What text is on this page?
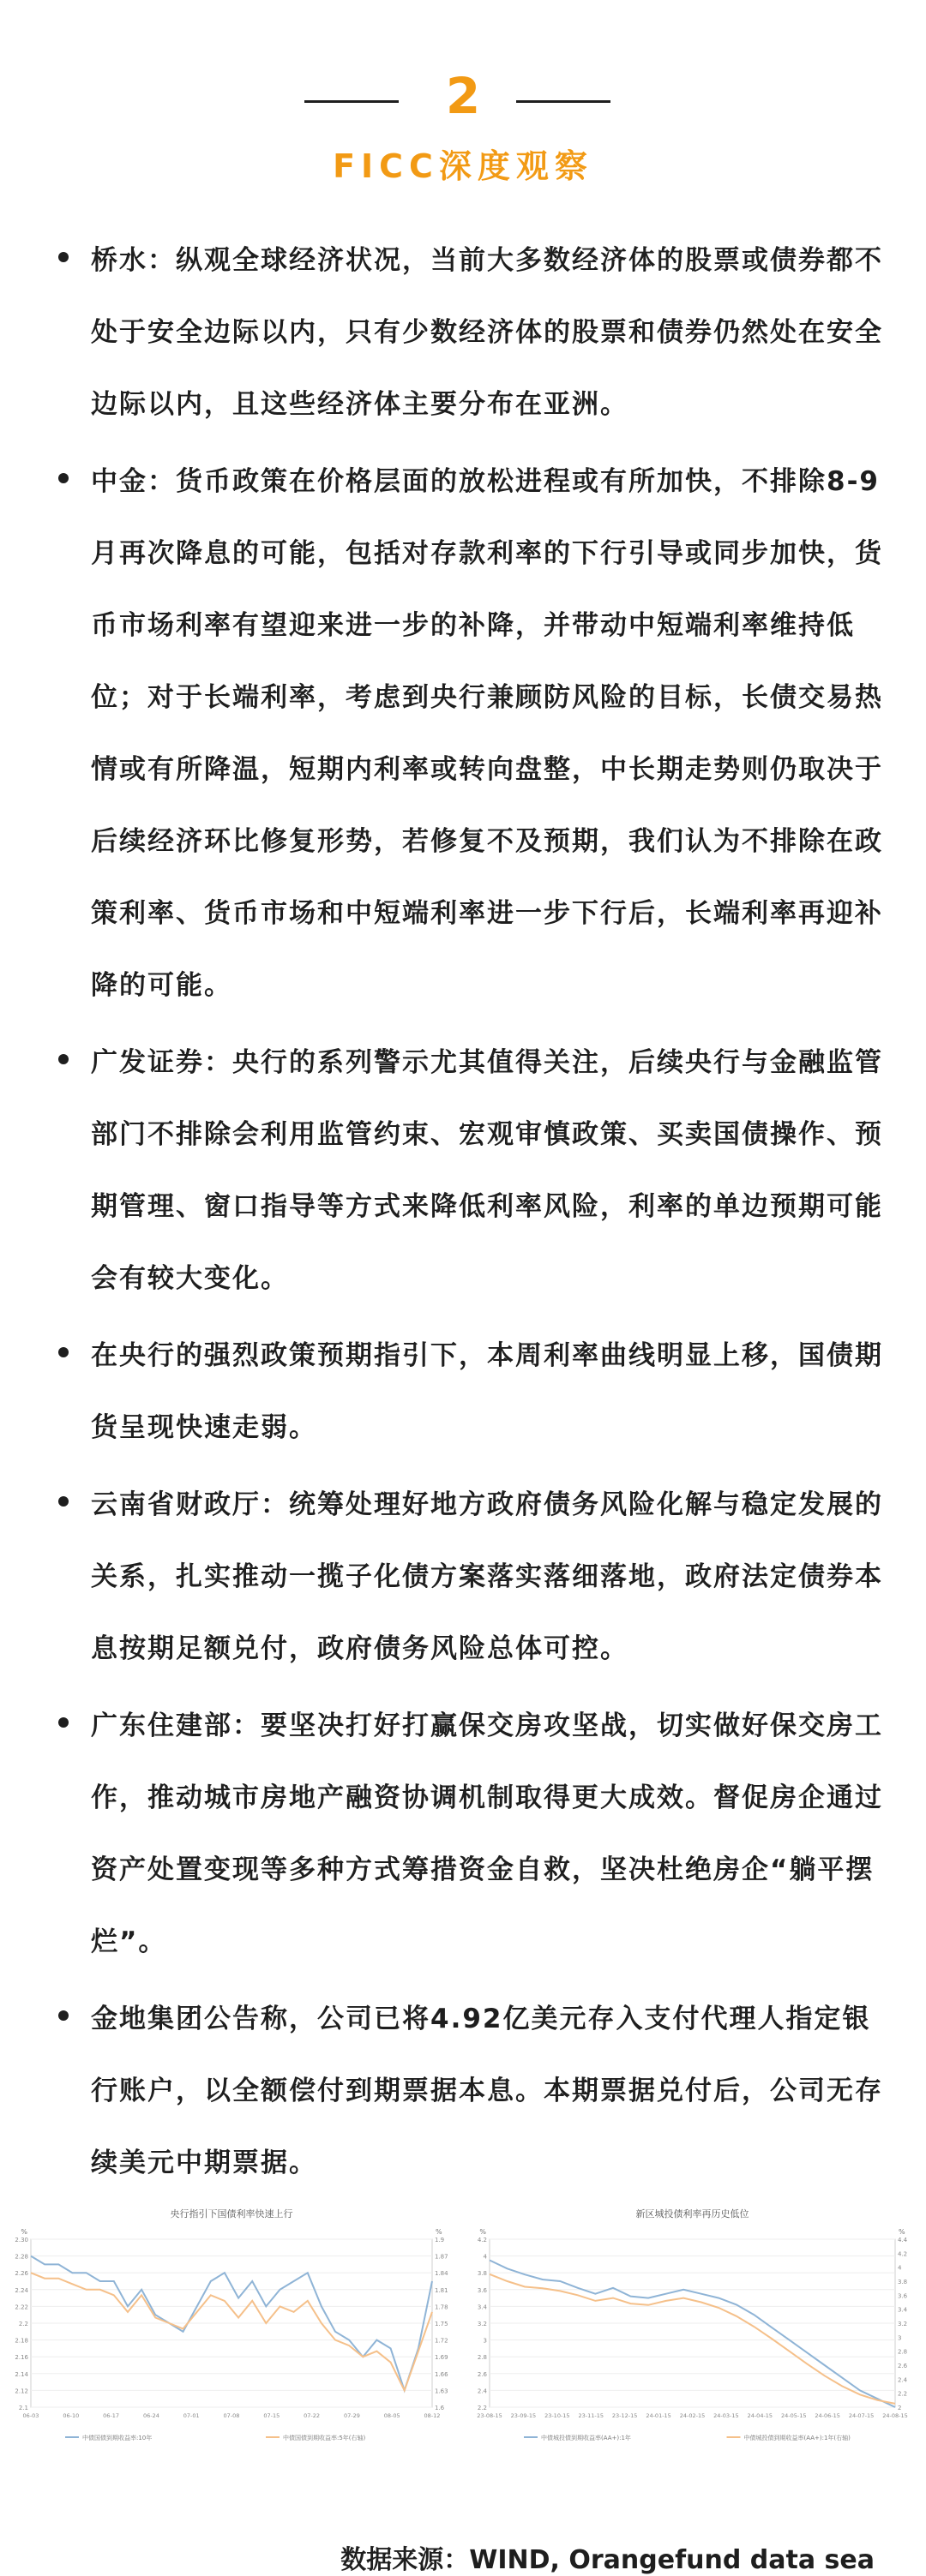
2
FICC深度观察
桥水：纵观全球经济状况，当前大多数经济体的股票或债券都不处于安全边际以内，只有少数经济体的股票和债券仍然处在安全边际以内，且这些经济体主要分布在亚洲。
中金：货币政策在价格层面的放松进程或有所加快，不排除8-9月再次降息的可能，包括对存款利率的下行引导或同步加快，货币市场利率有望迎来进一步的补降，并带动中短端利率维持低位；对于长端利率，考虑到央行兼顾防风险的目标，长债交易热情或有所降温，短期内利率或转向盘整，中长期走势则仍取决于后续经济环比修复形势，若修复不及预期，我们认为不排除在政策利率、货币市场和中短端利率进一步下行后，长端利率再迎补降的可能。
广发证券：央行的系列警示尤其值得关注，后续央行与金融监管部门不排除会利用监管约束、宏观审慎政策、买卖国债操作、预期管理、窗口指导等方式来降低利率风险，利率的单边预期可能会有较大变化。
在央行的强烈政策预期指引下，本周利率曲线明显上移，国债期货呈现快速走弱。
云南省财政厅：统筹处理好地方政府债务风险化解与稳定发展的关系，扎实推动一揽子化债方案落实落细落地，政府法定债券本息按期足额兑付，政府债务风险总体可控。
广东住建部：要坚决打好打赢保交房攻坚战，切实做好保交房工作，推动城市房地产融资协调机制取得更大成效。督促房企通过资产处置变现等多种方式筹措资金自救，坚决杜绝房企“躺平摆烂”。
金地集团公告称，公司已将4.92亿美元存入支付代理人指定银行账户，以全额偿付到期票据本息。本期票据兑付后，公司无存续美元中期票据。
央行指引下国债利率快速上行
%	%
2.30
2.28
2.26
2.24
2.22
2.2
2.18
2.16
2.14
2.12
2.1
1.9
1.87
1.84
1.81
1.78
1.75
1.72
1.69
1.66
1.63
1.6
06-03	06-10	06-17	06-24	07-01	07-08	07-15	07-22	07-29	08-05	08-12
中债国债到期收益率:10年	中债国债到期收益率:5年(右轴)
新区城投债利率再历史低位
%	%
4.2
4
3.8
3.6
3.4
3.2
3
2.8
2.6
2.4
2.2
4.4
4.2
4
3.8
3.6
3.4
3.2
3
2.8
2.6
2.4
2.2
2
23-08-15 23-09-15 23-10-15 23-11-15 23-12-15 24-01-15 24-02-15 24-03-15 24-04-15 24-05-15 24-06-15 24-07-15 24-08-15
中债城投债到期收益率(AA+):1年	中债城投债到期收益率(AA+):1年(右轴)
数据来源：WIND, Orangefund data sea
